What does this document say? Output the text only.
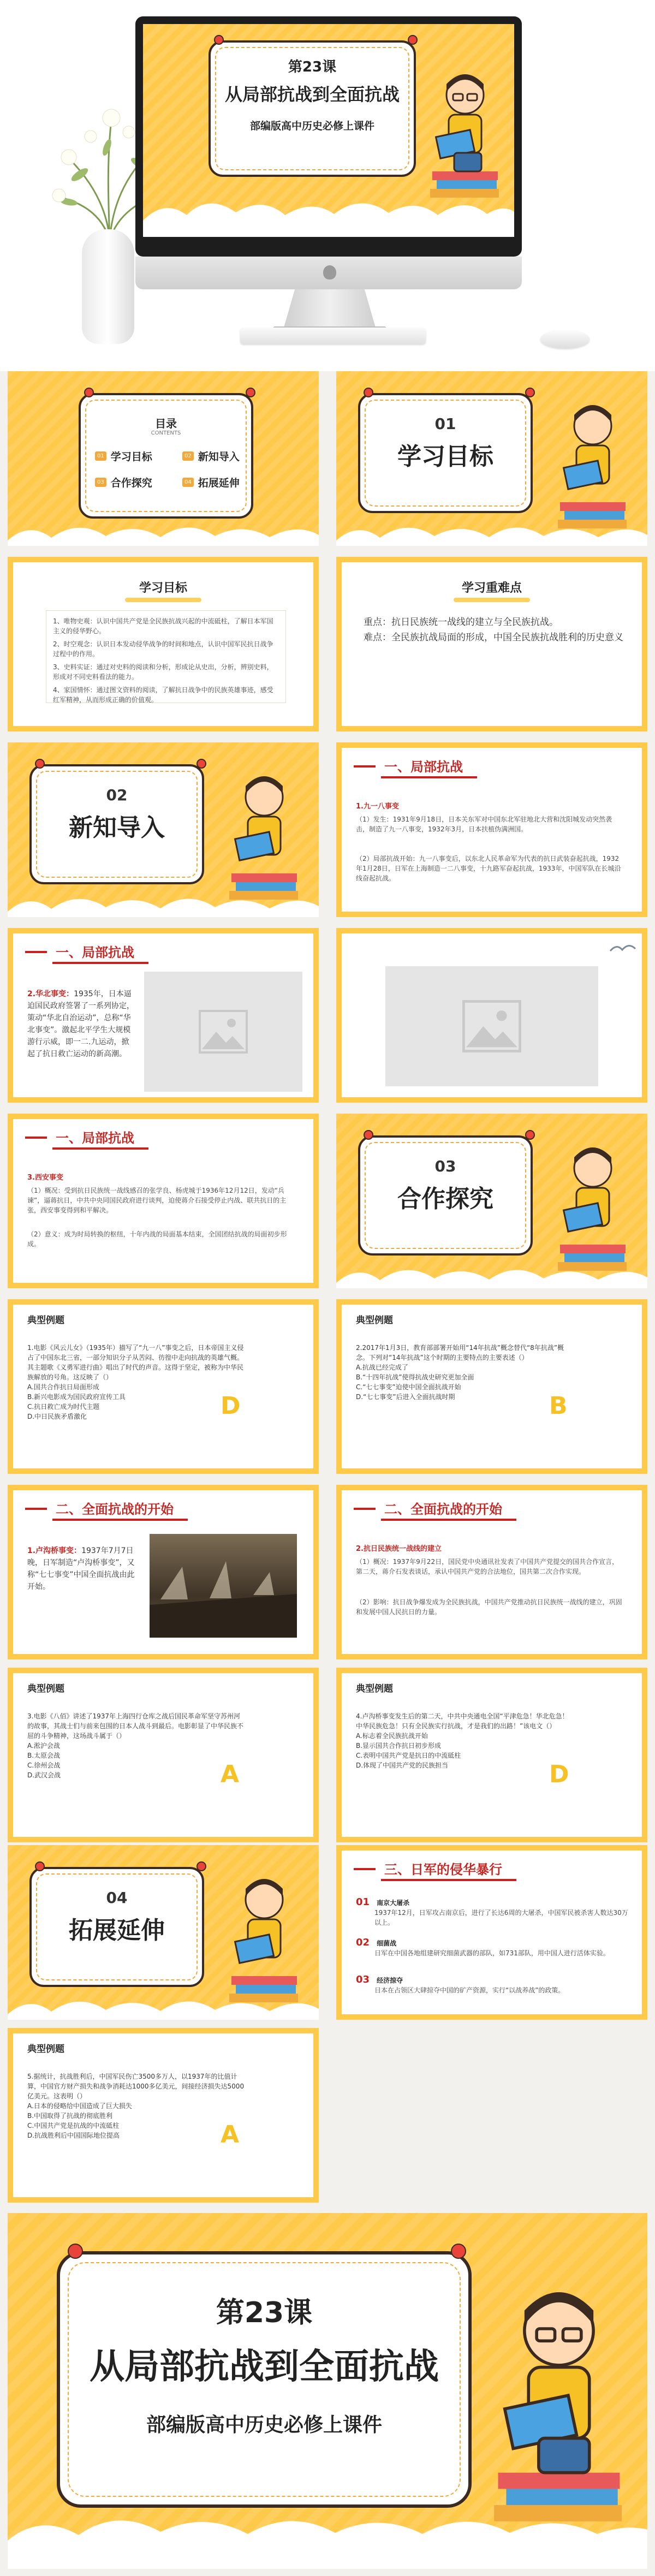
第23课
从局部抗战到全面抗战
部编版高中历史必修上课件
目录
CONTENTS
01 学习目标	02 新知导入
03 合作探究	04 拓展延伸
01
学习目标
学习目标
1、唯物史观：认识中国共产党是全民族抗战兴起的中流砥柱，了解日本军国主义的侵华野心。
2、时空观念：认识日本发动侵华战争的时间和地点，认识中国军民抗日战争过程中的作用。
3、史料实证：通过对史料的阅读和分析，形成论从史出，分析，辨别史料，形成对不同史料看法的能力。
4、家国情怀：通过图文资料的阅读，了解抗日战争中的民族英雄事迹，感受红军精神，从而形成正确的价值观。
学习重难点
重点：抗日民族统一战线的建立与全民族抗战。
难点：全民族抗战局面的形成，中国全民族抗战胜利的历史意义
02
新知导入
一、局部抗战
1.九一八事变
（1）发生：1931年9月18日，日本关东军对中国东北军驻地北大营和沈阳城发动突然袭击，制造了九一八事变，1932年3月，日本扶植伪满洲国。
（2）局部抗战开始：九一八事变后，以东北人民革命军为代表的抗日武装奋起抗战，1932年1月28日，日军在上海制造一二八事变，十九路军奋起抗战，1933年，中国军队在长城沿线奋起抗战。
一、局部抗战
2.华北事变：1935年，日本逼迫国民政府签署了一系列协定，策动“华北自治运动”，总称“华北事变”。激起北平学生大规模游行示威，即一二.九运动，掀起了抗日救亡运动的新高潮。
一、局部抗战
3.西安事变
（1）概况：受到抗日民族统一战线感召的张学良、杨虎城于1936年12月12日，发动“兵谏”，逼蒋抗日，中共中央同国民政府进行谈判，迫使蒋介石接受停止内战、联共抗日的主张，西安事变得到和平解决。
（2）意义：成为时局转换的枢纽，十年内战的局面基本结束，全国团结抗战的局面初步形成。
03
合作探究
典型例题
1.电影《风云儿女》（1935年）描写了“九一八”事变之后，日本帝国主义侵占了中国东北三省，一部分知识分子从苦闷、彷徨中走向抗战的英雄气概。其主题歌《义勇军进行曲》唱出了时代的声音。这得于坚定，被称为中华民族解放的号角。这反映了（）
A.国共合作抗日局面形成
B.新兴电影成为国民政府宣传工具
C.抗日救亡成为时代主题
D.中日民族矛盾激化	D
典型例题
2.2017年1月3日，教育部部署开始用“14年抗战”概念替代“8年抗战”概念。下列对“14年抗战”这个时期的主要特点的主要表述（）
A.抗战已经完成了
B.“十四年抗战”使得抗战史研究更加全面
C.“七七事变”迫使中国全面抗战开始
D.“七七事变”后进入全面抗战时期	B
二、全面抗战的开始
1.卢沟桥事变：1937年7月7日晚，日军制造“卢沟桥事变”，又称“七七事变”中国全面抗战由此开始。
二、全面抗战的开始
2.抗日民族统一战线的建立
（1）概况：1937年9月22日，国民党中央通讯社发表了中国共产党提交的国共合作宣言，第二天，蒋介石发表谈话，承认中国共产党的合法地位，国共第二次合作实现。
（2）影响：抗日战争爆发成为全民族抗战，中国共产党推动抗日民族统一战线的建立，巩固和发展中国人民抗日的力量。
典型例题
3.电影《八佰》讲述了1937年上海四行仓库之战后国民革命军坚守苏州河的故事，其战士们与前来包围的日本人战斗到最后。电影彰显了中华民族不屈的斗争精神，这场战斗属于（）
A.淞沪会战
B.太原会战
C.徐州会战
D.武汉会战	A
典型例题
4.卢沟桥事变发生后的第二天，中共中央通电全国“平津危急！华北危急！中华民族危急！只有全民族实行抗战，才是我们的出路！”该电文（）
A.标志着全民族抗战开始
B.显示国共合作抗日初步形成
C.表明中国共产党是抗日的中流砥柱
D.体现了中国共产党的民族担当	D
04
拓展延伸
三、日军的侵华暴行
01 南京大屠杀
1937年12月，日军攻占南京后，进行了长达6周的大屠杀，中国军民被杀害人数达30万以上。
02 细菌战
日军在中国各地组建研究细菌武器的部队，如731部队，用中国人进行活体实验。
03 经济掠夺
日本在占领区大肆掠夺中国的矿产资源，实行“以战养战”的政策。
典型例题
5.据统计，抗战胜利后，中国军民伤亡3500多万人，以1937年的比值计算，中国官方财产损失和战争消耗达1000多亿美元，间接经济损失达5000亿美元。这表明（）
A.日本的侵略给中国造成了巨大损失
B.中国取得了抗战的彻底胜利
C.中国共产党是抗战的中流砥柱
D.抗战胜利后中国国际地位提高	A
第23课
从局部抗战到全面抗战
部编版高中历史必修上课件
